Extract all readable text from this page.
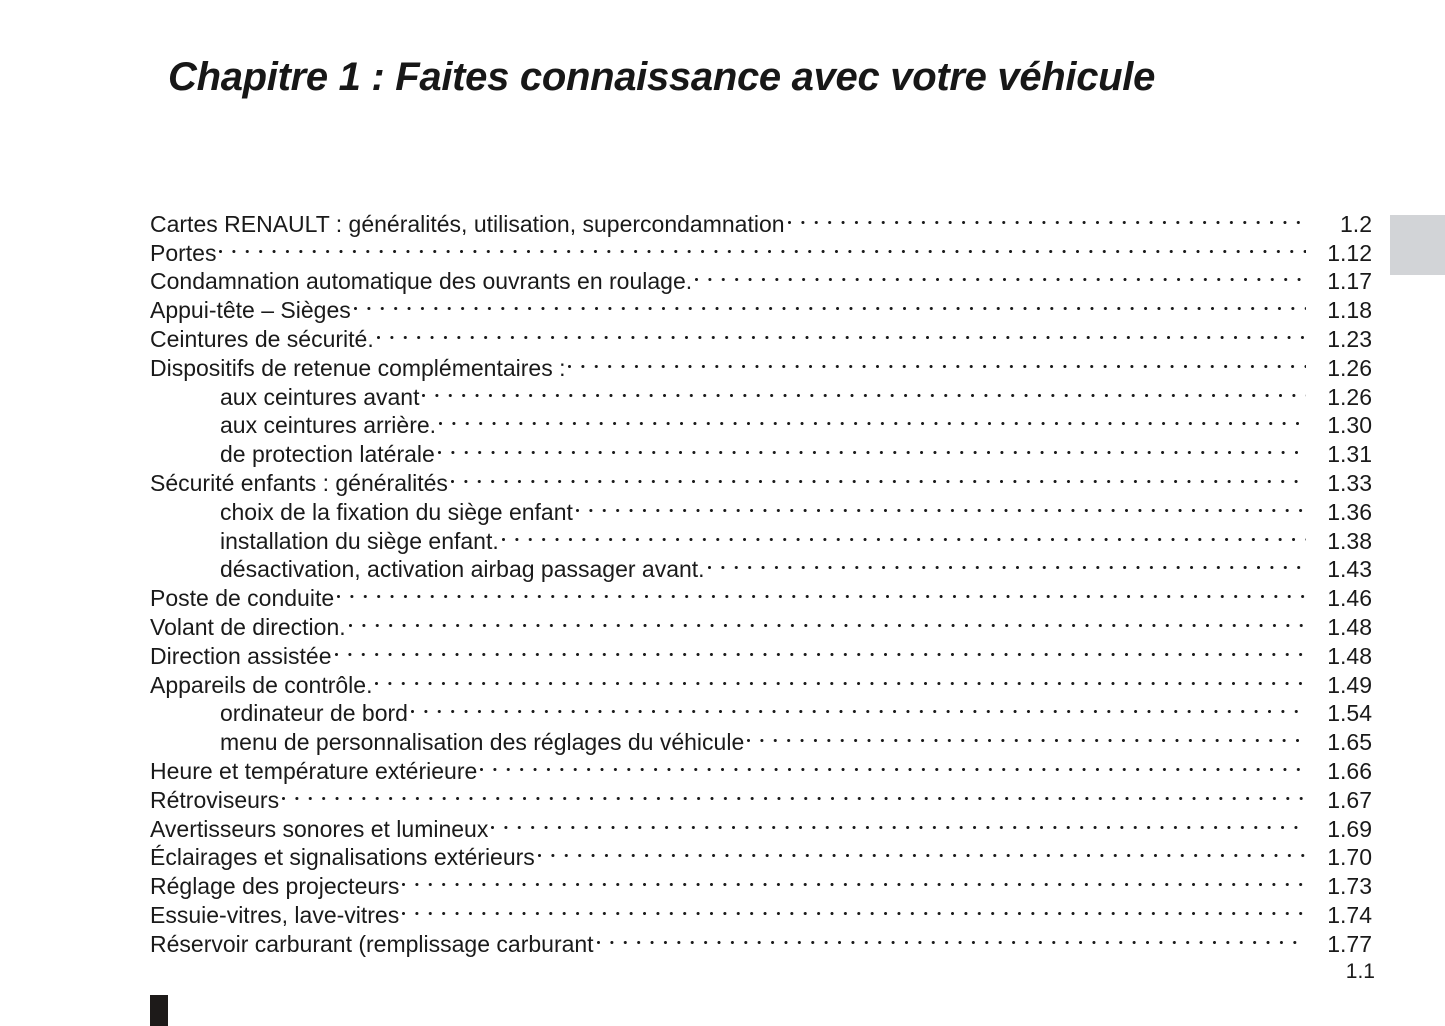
Chapitre 1 : Faites connaissance avec votre véhicule
Cartes RENAULT : généralités, utilisation, supercondamnation	1.2
Portes	1.12
Condamnation automatique des ouvrants en roulage.	1.17
Appui-tête – Sièges	1.18
Ceintures de sécurité.	1.23
Dispositifs de retenue complémentaires :	1.26
aux ceintures avant	1.26
aux ceintures arrière.	1.30
de protection latérale	1.31
Sécurité enfants : généralités	1.33
choix de la fixation du siège enfant	1.36
installation du siège enfant.	1.38
désactivation, activation airbag passager avant.	1.43
Poste de conduite	1.46
Volant de direction.	1.48
Direction assistée	1.48
Appareils de contrôle.	1.49
ordinateur de bord	1.54
menu de personnalisation des réglages du véhicule	1.65
Heure et température extérieure	1.66
Rétroviseurs	1.67
Avertisseurs sonores et lumineux	1.69
Éclairages et signalisations extérieurs	1.70
Réglage des projecteurs	1.73
Essuie-vitres, lave-vitres	1.74
Réservoir carburant (remplissage carburant	1.77
1.1
